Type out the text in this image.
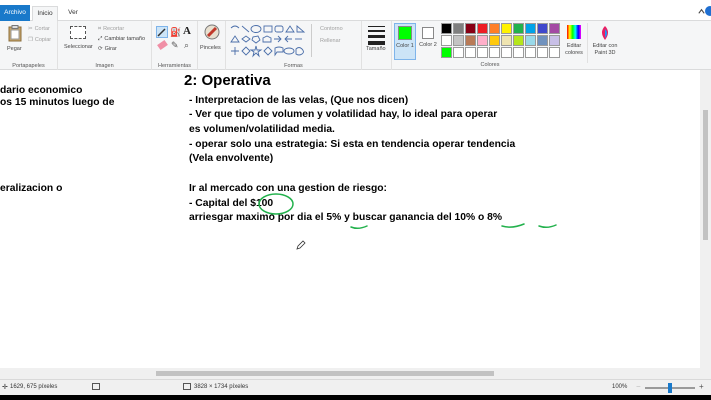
Archivo	Inicio	Ver
Pegar
✂ Cortar
❐ Copiar
Portapapeles
Seleccionar
⌗ Recortar
⤢ Cambiar tamaño
⟳ Girar
Imagen
⛽ A
✎ ⌕
Herramientas
Pinceles
Contorno
Rellenar
Formas
Tamaño Color 1 Color 2
Colores
Editar colores
Editar con Paint 3D
dario economico
os 15 minutos luego de
eralizacion o
2: Operativa
- Interpretacion de las velas, (Que nos dicen)
- Ver que tipo de volumen y volatilidad hay, lo ideal para operar
es volumen/volatilidad media.
- operar solo una estrategia: Si esta en tendencia operar tendencia
(Vela envolvente)
Ir al mercado con una gestion de riesgo:
- Capital del $100
arriesgar maximo por dia el 5% y buscar ganancia del 10% o 8%
✛ 1629, 675 píxeles	3828 × 1734 píxeles	100% −	+
